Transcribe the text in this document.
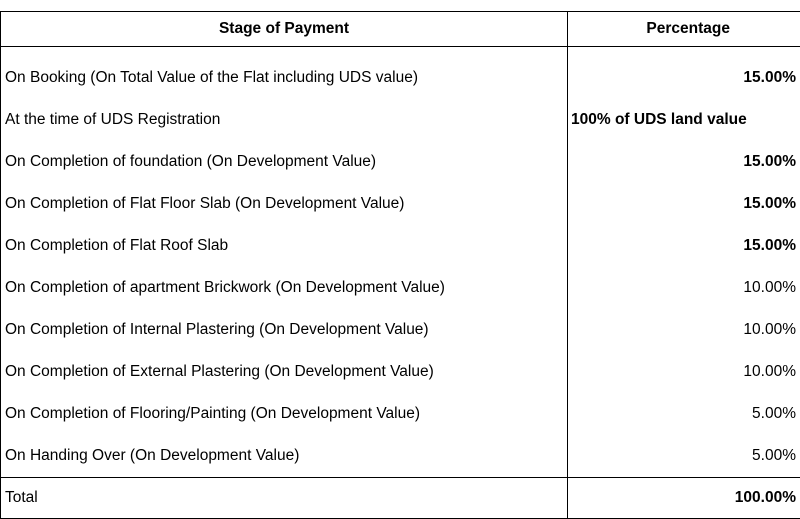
Stage of Payment	Percentage
On Booking (On Total Value of the Flat including UDS value)	15.00%
At the time of UDS Registration	100% of UDS land value
On Completion of foundation (On Development Value)	15.00%
On Completion of Flat Floor Slab (On Development Value)	15.00%
On Completion of Flat Roof Slab	15.00%
On Completion of apartment Brickwork (On Development Value)	10.00%
On Completion of Internal Plastering (On Development Value)	10.00%
On Completion of External Plastering (On Development Value)	10.00%
On Completion of Flooring/Painting (On Development Value)	5.00%
On Handing Over (On Development Value)	5.00%
Total	100.00%
